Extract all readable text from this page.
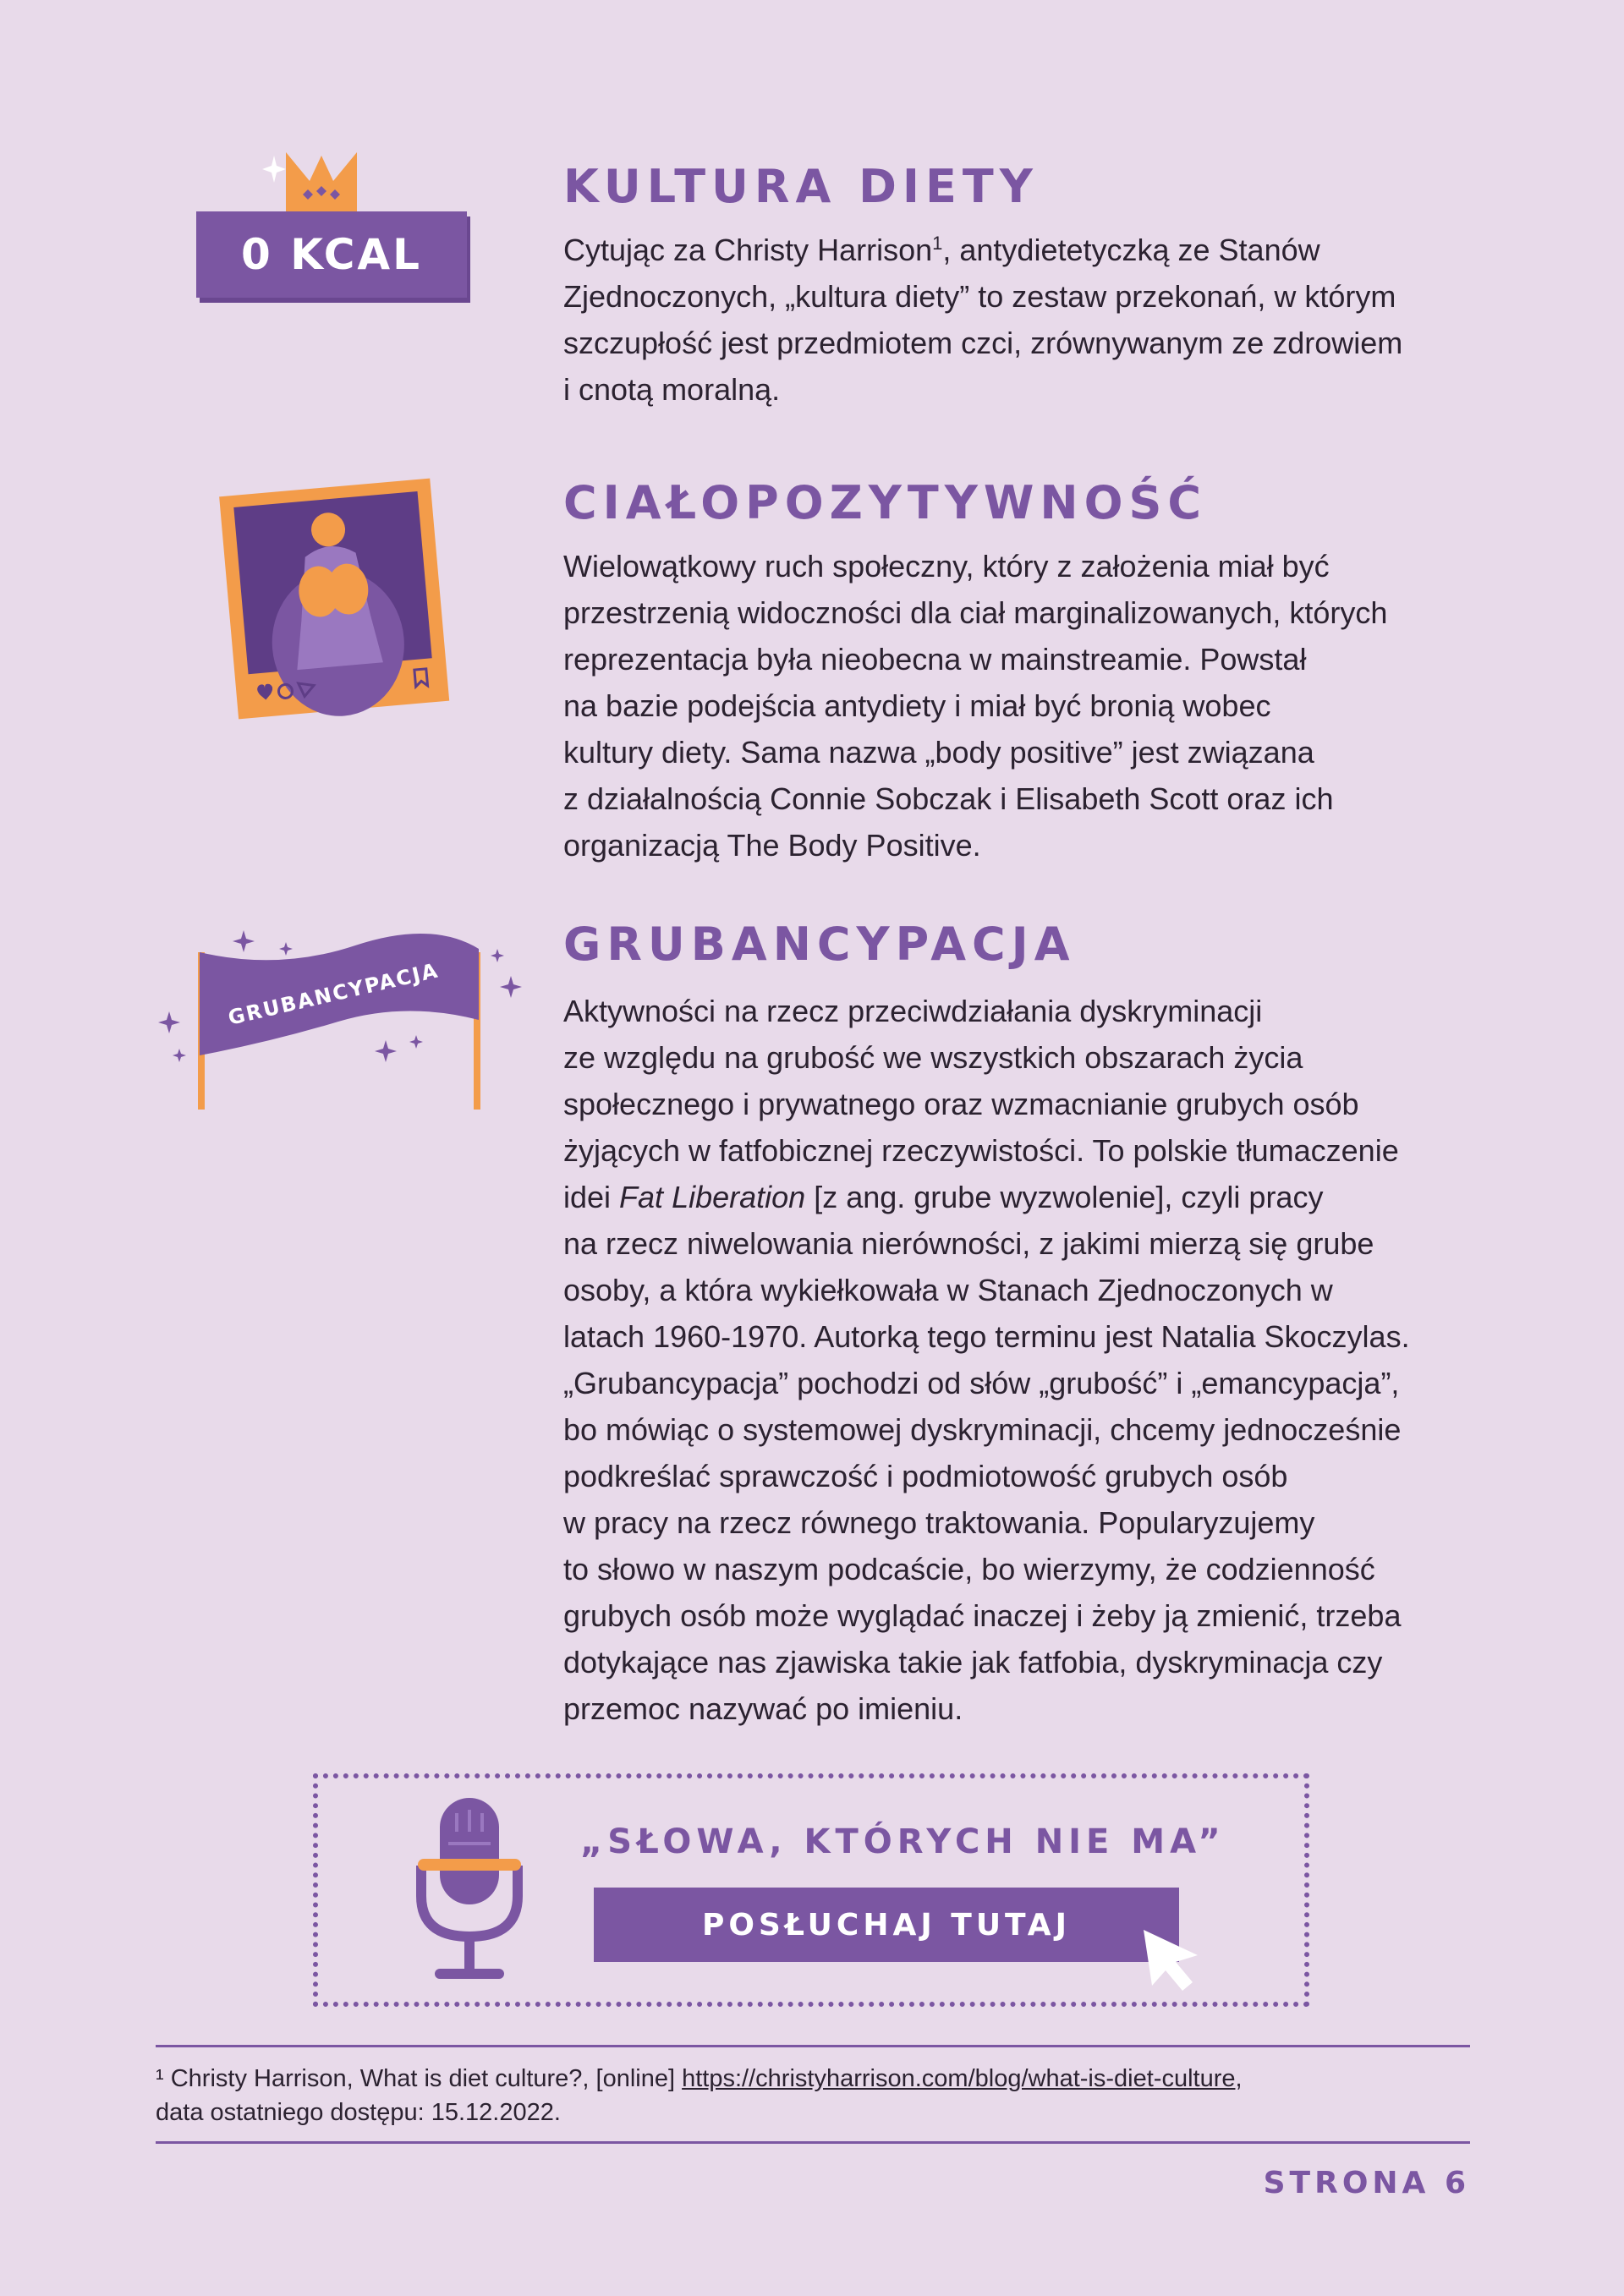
0 KCAL
KULTURA DIETY

Cytując za Christy Harrison$^1$, antydietetyczką ze Stanów

Zjednoczonych, „kultura diety” to zestaw przekonań, w którym

szczupłość jest przedmiotem czci, zrównywanym ze zdrowiem

i cnotą moralną.

CIAŁOPOZYTYWNOŚĆ

Wielowątkowy ruch społeczny, który z założenia miał być

przestrzenią widoczności dla ciał marginalizowanych, których

reprezentacja była nieobecna w mainstreamie. Powstał

na bazie podejścia antydiety i miał być bronią wobec

kultury diety. Sama nazwa „body positive” jest związana

z działalnością Connie Sobczak i Elisabeth Scott oraz ich

organizacją The Body Positive.

GRUBANCYPACJA
GRUBANCYPACJA

Aktywności na rzecz przeciwdziałania dyskryminacji

ze względu na grubość we wszystkich obszarach życia

społecznego i prywatnego oraz wzmacnianie grubych osób

żyjących w fatfobicznej rzeczywistości. To polskie tłumaczenie

idei Fat Liberation [z ang. grube wyzwolenie], czyli pracy

na rzecz niwelowania nierówności, z jakimi mierzą się grube

osoby, a która wykiełkowała w Stanach Zjednoczonych w

latach 1960-1970. Autorką tego terminu jest Natalia Skoczylas.

„Grubancypacja” pochodzi od słów „grubość” i „emancypacja”,

bo mówiąc o systemowej dyskryminacji, chcemy jednocześnie

podkreślać sprawczość i podmiotowość grubych osób

w pracy na rzecz równego traktowania. Popularyzujemy

to słowo w naszym podcaście, bo wierzymy, że codzienność

grubych osób może wyglądać inaczej i żeby ją zmienić, trzeba

dotykające nas zjawiska takie jak fatfobia, dyskryminacja czy

przemoc nazywać po imieniu.

„SŁOWA, KTÓRYCH NIE MA”
POSŁUCHAJ TUTAJ

¹ Christy Harrison, What is diet culture?, [online] https://christyharrison.com/blog/what-is-diet-culture,

data ostatniego dostępu: 15.12.2022.

STRONA 6
